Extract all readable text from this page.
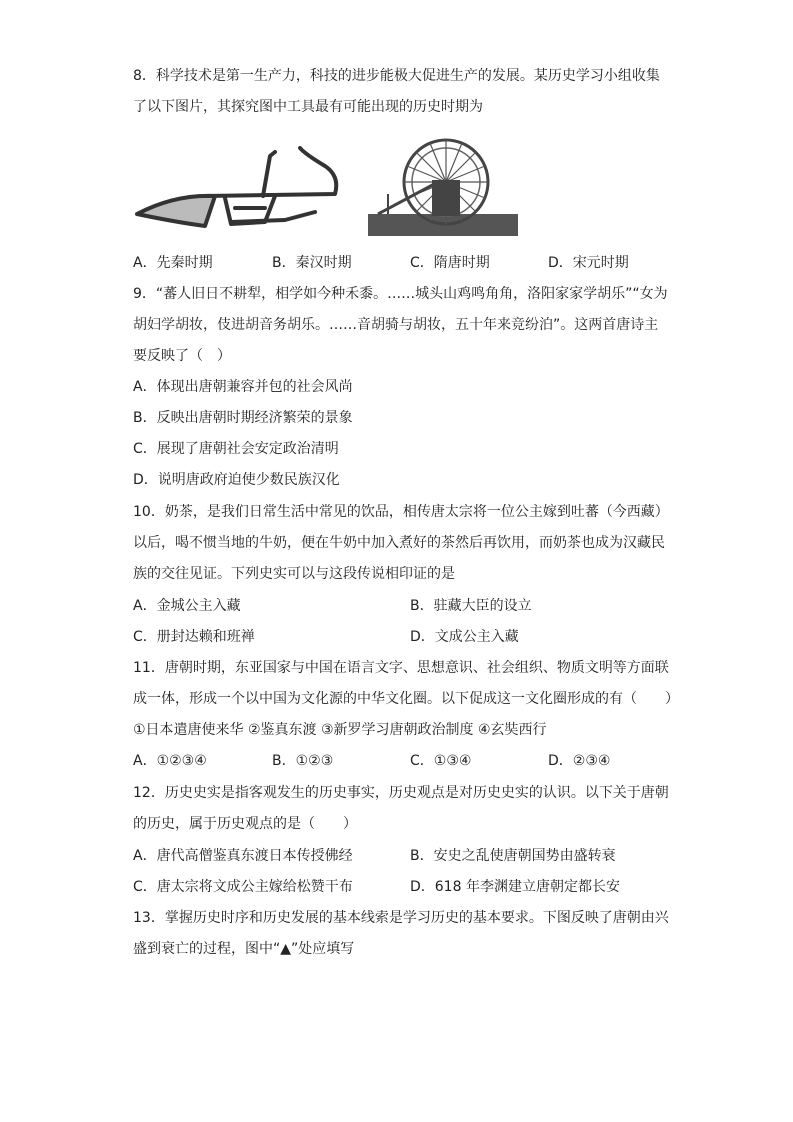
8．科学技术是第一生产力，科技的进步能极大促进生产的发展。某历史学习小组收集
了以下图片，其探究图中工具最有可能出现的历史时期为
A．先秦时期	B．秦汉时期	C．隋唐时期	D．宋元时期
9．“蕃人旧日不耕犁，相学如今种禾黍。……城头山鸡鸣角角，洛阳家家学胡乐”“女为
胡妇学胡妆，伎进胡音务胡乐。……音胡骑与胡妆，五十年来竞纷泊”。这两首唐诗主
要反映了（　）
A．体现出唐朝兼容并包的社会风尚
B．反映出唐朝时期经济繁荣的景象
C．展现了唐朝社会安定政治清明
D．说明唐政府迫使少数民族汉化
10．奶茶，是我们日常生活中常见的饮品，相传唐太宗将一位公主嫁到吐蕃（今西藏）
以后，喝不惯当地的牛奶，便在牛奶中加入煮好的茶然后再饮用，而奶茶也成为汉藏民
族的交往见证。下列史实可以与这段传说相印证的是
A．金城公主入藏	B．驻藏大臣的设立
C．册封达赖和班禅	D．文成公主入藏
11．唐朝时期，东亚国家与中国在语言文字、思想意识、社会组织、物质文明等方面联
成一体，形成一个以中国为文化源的中华文化圈。以下促成这一文化圈形成的有（　　）
①日本遣唐使来华 ②鉴真东渡 ③新罗学习唐朝政治制度 ④玄奘西行
A．①②③④	B．①②③	C．①③④	D．②③④
12．历史史实是指客观发生的历史事实，历史观点是对历史史实的认识。以下关于唐朝
的历史，属于历史观点的是（　　）
A．唐代高僧鉴真东渡日本传授佛经	B．安史之乱使唐朝国势由盛转衰
C．唐太宗将文成公主嫁给松赞干布	D．618 年李渊建立唐朝定都长安
13．掌握历史时序和历史发展的基本线索是学习历史的基本要求。下图反映了唐朝由兴
盛到衰亡的过程，图中“▲”处应填写
